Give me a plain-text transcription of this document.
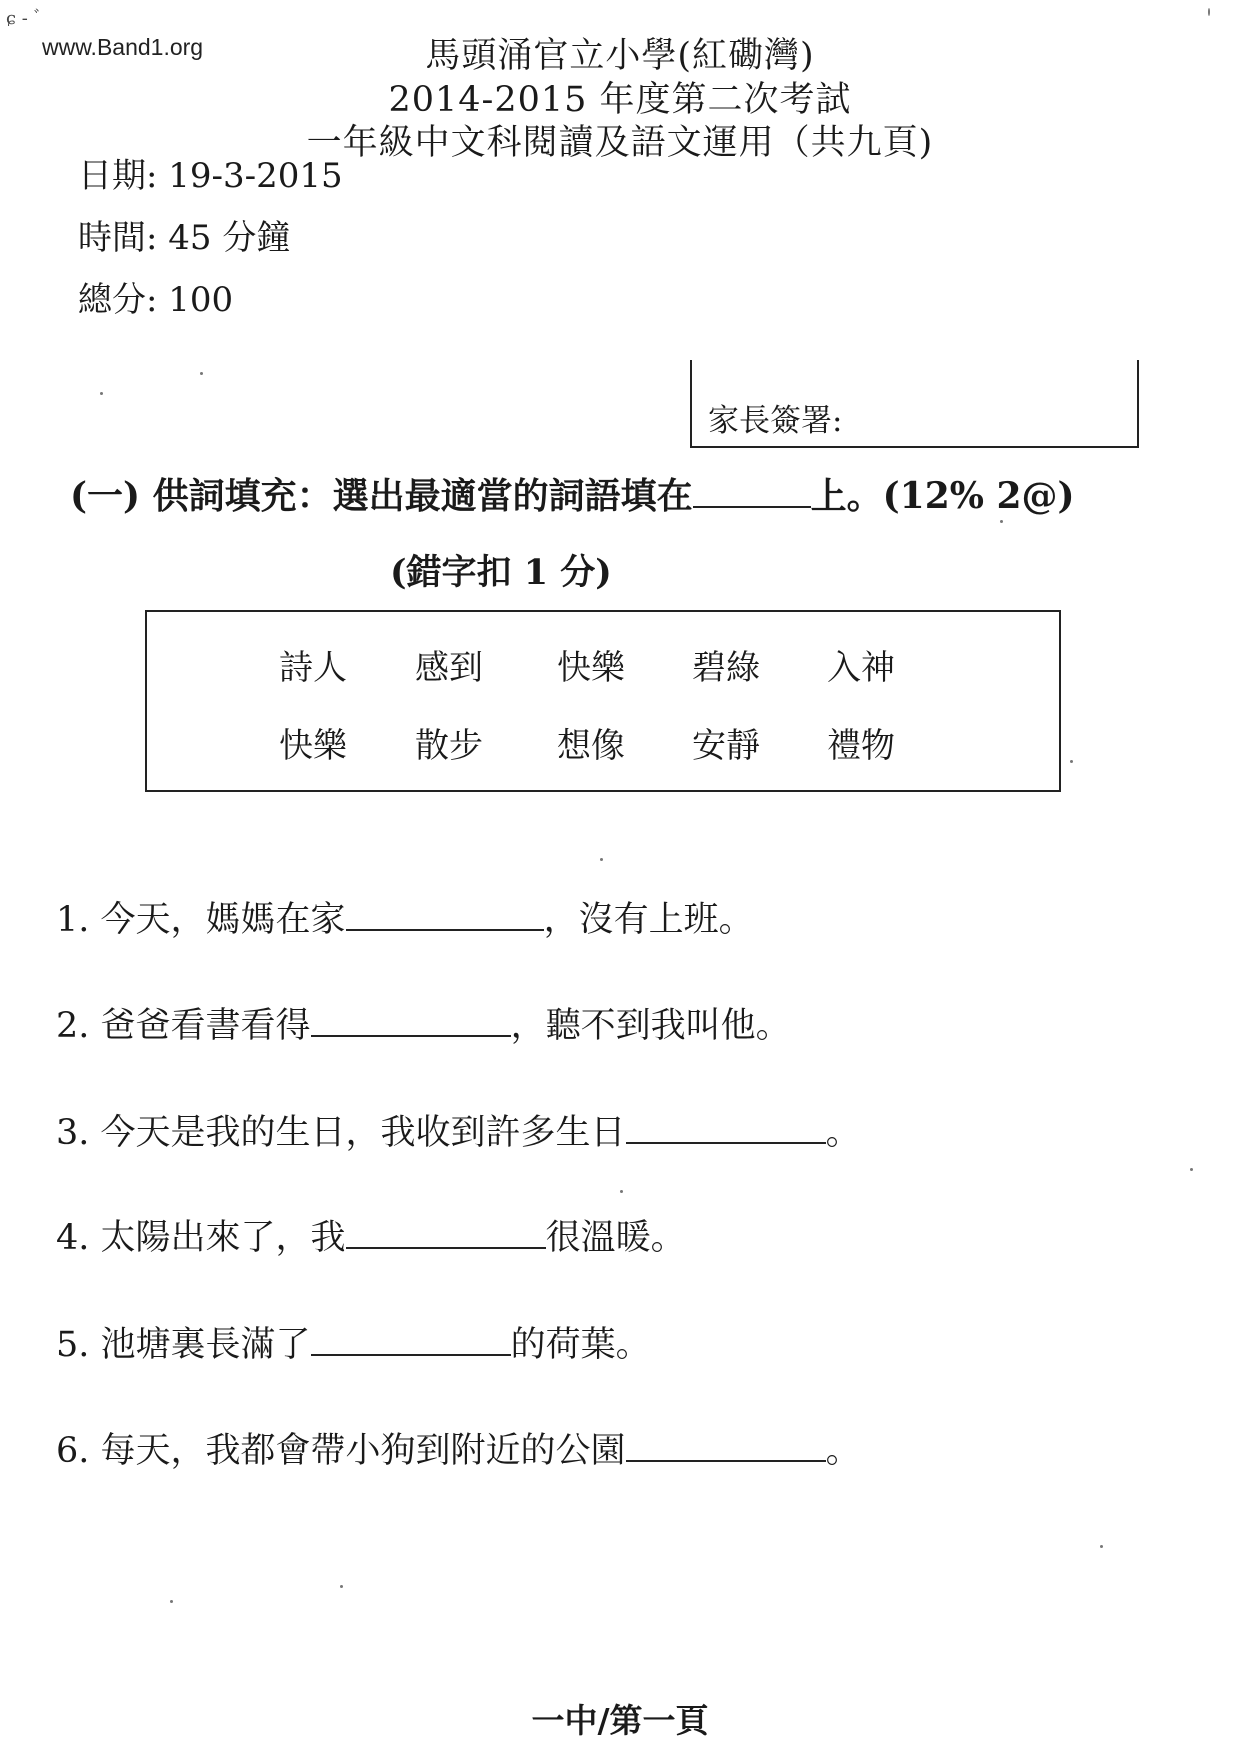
ɕ - ﾞ
www.Band1.org	馬頭涌官立小學(紅磡灣)
2014-2015 年度第二次考試
一年級中文科閱讀及語文運用（共九頁)
日期: 19-3-2015
時間: 45 分鐘
總分: 100
家長簽署:
(一) 供詞填充：選出最適當的詞語填在	上。(12% 2@)
(錯字扣 1 分)
詩人 感到 快樂 碧綠 入神
快樂 散步 想像 安靜 禮物
1. 今天，媽媽在家	，沒有上班。
2. 爸爸看書看得	，聽不到我叫他。
3. 今天是我的生日，我收到許多生日	。
4. 太陽出來了，我	很溫暖。
5. 池塘裏長滿了	的荷葉。
6. 每天，我都會帶小狗到附近的公園	。
一中/第一頁
